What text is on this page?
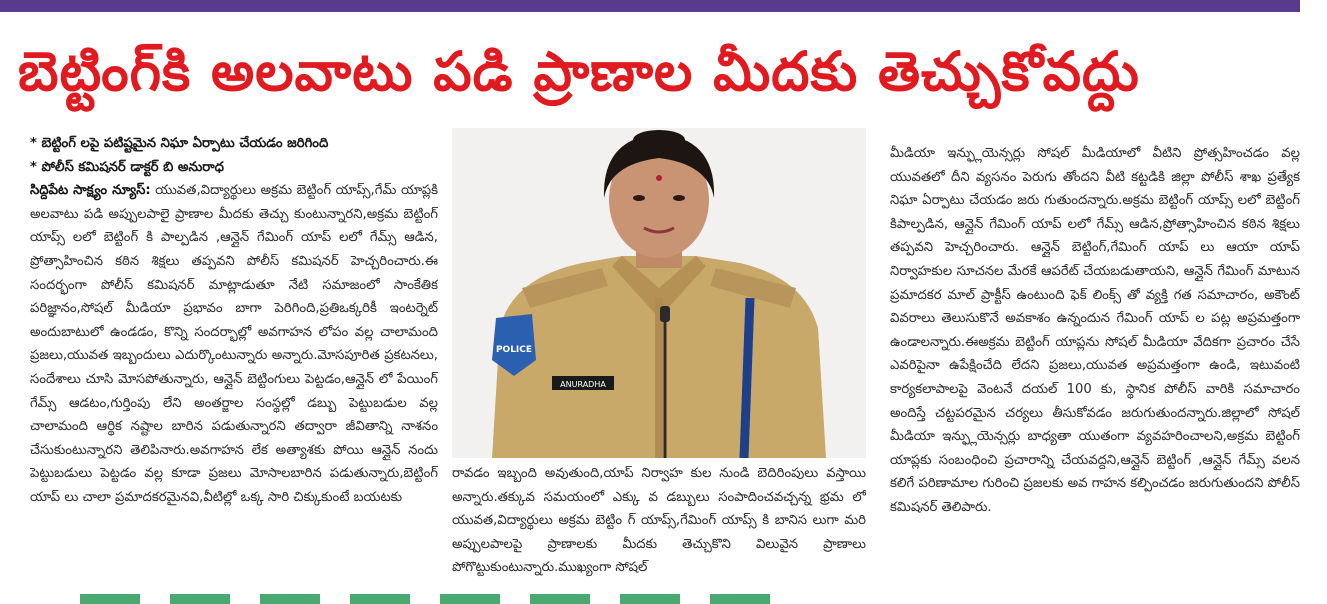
బెట్టింగ్‌కి అలవాటు పడి ప్రాణాల మీదకు తెచ్చుకోవద్దు

* బెట్టింగ్ లపై పటిష్టమైన నిఘా ఏర్పాటు చేయడం జరిగింది

* పోలీస్ కమిషనర్ డాక్టర్ బి అనురాధ

సిద్దిపేట సాక్ష్యం న్యూస్: యువత,విద్యార్థులు అక్రమ బెట్టింగ్ యాప్స్,గేమ్ యాప్లకి అలవాటు పడి అప్పులపాలై ప్రాణాల మీదకు తెచ్చు కుంటున్నారని,అక్రమ బెట్టింగ్ యాప్స్ లలో బెట్టింగ్ కి పాల్పడిన ,ఆన్లైన్ గేమింగ్ యాప్ లలో గేమ్స్ ఆడిన, ప్రోత్సాహించిన కఠిన శిక్షలు తప్పవని పోలీస్ కమిషనర్ హెచ్చరించారు.ఈ సందర్భంగా పోలీస్ కమిషనర్ మాట్లాడుతూ నేటి సమాజంలో సాంకేతిక పరిజ్ఞానం,సోషల్ మీడియా ప్రభావం బాగా పెరిగింది,ప్రతిఒక్కరికీ ఇంటర్నెట్ అందుబాటులో ఉండడం, కొన్ని సందర్భాల్లో అవగాహన లోపం వల్ల చాలామంది ప్రజలు,యువత ఇబ్బందులు ఎదుర్కొంటున్నారు అన్నారు.మోసపూరిత ప్రకటనలు, సందేశాలు చూసి మోసపోతున్నారు, ఆన్లైన్ బెట్టింగులు పెట్టడం,ఆన్లైన్ లో పేయింగ్ గేమ్స్ ఆడటం,గుర్తింపు లేని అంతర్జాల సంస్థల్లో డబ్బు పెట్టుబడుల వల్ల చాలామంది ఆర్థిక నష్టాల బారిన పడుతున్నారని తద్వారా జీవితాన్ని నాశనం చేసుకుంటున్నారని తెలిపినారు.అవగాహన లేక అత్యాశకు పోయి ఆన్లైన్ నందు పెట్టుబడులు పెట్టడం వల్ల కూడా ప్రజలు మోసాలబారిన పడుతున్నారు,బెట్టింగ్ యాప్ లు చాలా ప్రమాదకరమైనవి,వీటిల్లో ఒక్క సారి చిక్కుకుంటే బయటకు

ANURADHA
POLICE

రావడం ఇబ్బంది అవుతుంది,యాప్ నిర్వాహ కుల నుండి బెదిరింపులు వస్తాయి అన్నారు.తక్కువ సమయంలో ఎక్కు వ డబ్బులు సంపాదించవచ్చన్న భ్రమ లో యువత,విద్యార్థులు అక్రమ బెట్టిం గ్ యాప్స్,గేమింగ్ యాప్స్ కి బానిస లుగా మరి అప్పులపాలపై ప్రాణాలకు మీదకు తెచ్చుకొని విలువైన ప్రాణాలు పోగొట్టుకుంటున్నారు.ముఖ్యంగా సోషల్

మీడియా ఇన్ఫ్లుయెన్సర్లు సోషల్ మీడియాలో వీటిని ప్రోత్సహించడం వల్ల యువతలో దీని వ్యసనం పెరుగు తోందని వీటి కట్టడికి జిల్లా పోలీస్ శాఖ ప్రత్యేక నిఘా ఏర్పాటు చేయడం జరు గుతుందన్నారు.అక్రమ బెట్టింగ్ యాప్స్ లలో బెట్టింగ్ కిపాల్పడిన, ఆన్లైన్ గేమింగ్ యాప్ లలో గేమ్స్ ఆడిన,ప్రోత్సాహించిన కఠిన శిక్షలు తప్పవని హెచ్చరించారు. ఆన్లైన్ బెట్టింగ్,గేమింగ్ యాప్ లు ఆయా యాప్ నిర్వాహకుల సూచనల మేరకే ఆపరేట్ చేయబడుతాయని, ఆన్లైన్ గేమింగ్ మాటున ప్రమాదకర మాల్ ప్రాక్టీస్ ఉంటుంది ఫెక్ లింక్స్ తో వ్యక్తి గత సమాచారం, అకౌంట్ వివరాలు తెలుసుకొనే అవకాశం ఉన్నందున గేమింగ్ యాప్ ల పట్ల అప్రమత్తంగా ఉండాలన్నారు.ఈఅక్రమ బెట్టింగ్ యాప్లను సోషల్ మీడియా వేదికగా ప్రచారం చేసే ఎవరిపైనా ఉపేక్షించేది లేదని ప్రజలు,యువత అప్రమత్తంగా ఉండి, ఇటువంటి కార్యకలాపాలపై వెంటనే దయల్ 100 కు, స్థానిక పోలీస్ వారికి సమాచారం అందిస్తే చట్టపరమైన చర్యలు తీసుకోవడం జరుగుతుందన్నారు.జిల్లాలో సోషల్ మీడియా ఇన్ఫ్లుయెన్సర్లు బాధ్యతా యుతంగా వ్యవహరించాలని,అక్రమ బెట్టింగ్ యాప్లకు సంబంధించి ప్రచారాన్ని చేయవద్దని,ఆన్లైన్ బెట్టింగ్ ,ఆన్లైన్ గేమ్స్ వలన కలిగే పరిణామాల గురించి ప్రజలకు అవ గాహన కల్పించడం జరుగుతుందని పోలీస్ కమిషనర్ తెలిపారు.
